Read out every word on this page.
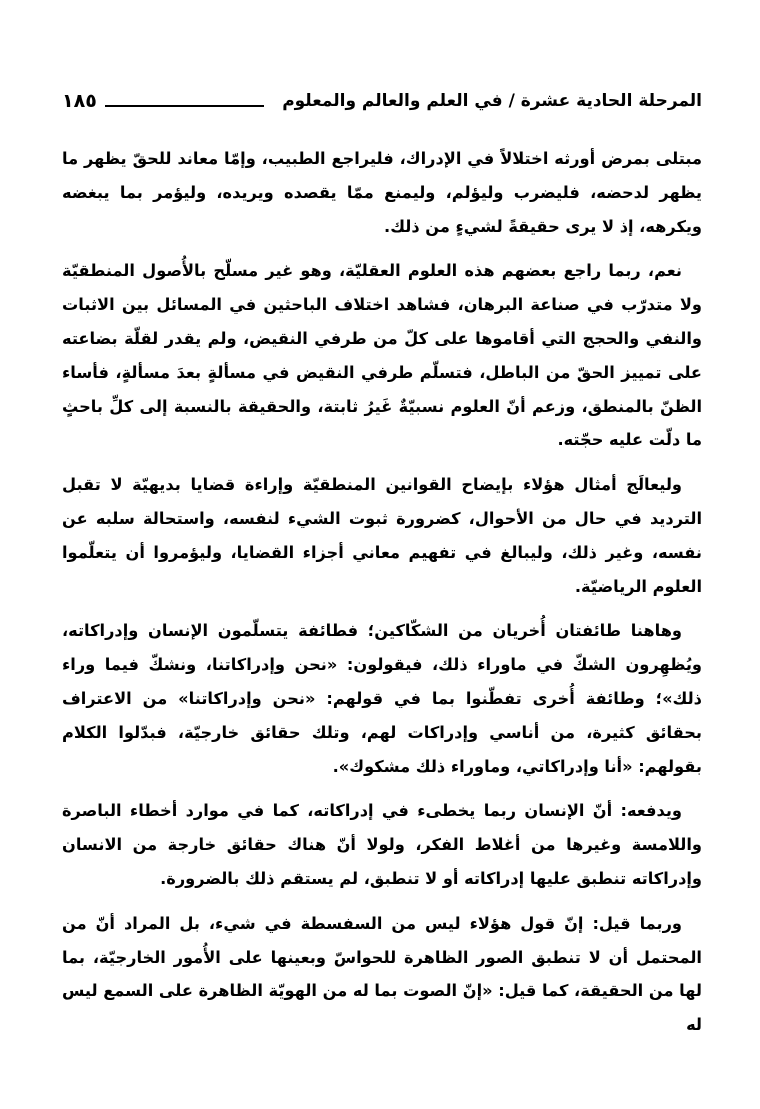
المرحلة الحادية عشرة / في العلم والعالم والمعلوم
١٨٥

مبتلى بمرض أورثه اختلالاً في الإدراك، فليراجع الطبيب، وإمّا معاند للحقّ يظهر ما يظهر لدحضه، فليضرب وليؤلم، وليمنع ممّا يقصده ويريده، وليؤمر بما يبغضه ويكرهه، إذ لا يرى حقيقةً لشيءٍ من ذلك.

نعم، ربما راجع بعضهم هذه العلوم العقليّة، وهو غير مسلّح بالأُصول المنطقيّة ولا متدرّب في صناعة البرهان، فشاهد اختلاف الباحثين في المسائل بين الاثبات والنفي والحجج التي أقاموها على كلّ من طرفي النقيض، ولم يقدر لقلّة بضاعته على تمييز الحقّ من الباطل، فتسلّم طرفي النقيض في مسألةٍ بعدَ مسألةٍ، فأساء الظنّ بالمنطق، وزعم أنّ العلوم نسبيّةٌ غَيرُ ثابتة، والحقيقة بالنسبة إلى كلِّ باحثٍ ما دلّت عليه حجّته.

وليعالَج أمثال هؤلاء بإيضاح القوانين المنطقيّة وإراءة قضايا بديهيّة لا تقبل الترديد في حال من الأحوال، كضرورة ثبوت الشيء لنفسه، واستحالة سلبه عن نفسه، وغير ذلك، وليبالغ في تفهيم معاني أجزاء القضايا، وليؤمروا أن يتعلّموا العلوم الرياضيّة.

وهاهنا طائفتان أُخريان من الشكّاكين؛ فطائفة يتسلّمون الإنسان وإدراكاته، ويُظهِرون الشكّ في ماوراء ذلك، فيقولون: «نحن وإدراكاتنا، ونشكّ فيما وراء ذلك»؛ وطائفة أُخرى تفطّنوا بما في قولهم: «نحن وإدراكاتنا» من الاعتراف بحقائق كثيرة، من أناسي وإدراكات لهم، وتلك حقائق خارجيّة، فبدّلوا الكلام بقولهم: «أنا وإدراكاتي، وماوراء ذلك مشكوك».

ويدفعه: أنّ الإنسان ربما يخطىء في إدراكاته، كما في موارد أخطاء الباصرة واللامسة وغيرها من أغلاط الفكر، ولولا أنّ هناك حقائق خارجة من الانسان وإدراكاته تنطبق عليها إدراكاته أو لا تنطبق، لم يستقم ذلك بالضرورة.

وربما قيل: إنّ قول هؤلاء ليس من السفسطة في شيء، بل المراد أنّ من المحتمل أن لا تنطبق الصور الظاهرة للحواسّ وبعينها على الأُمور الخارجيّة، بما لها من الحقيقة، كما قيل: «إنّ الصوت بما له من الهويّة الظاهرة على السمع ليس له
